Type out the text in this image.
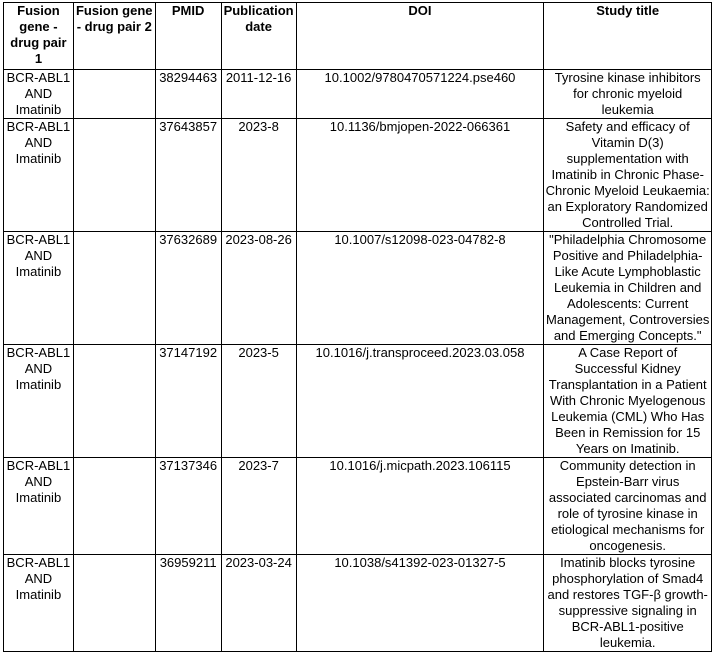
Fusion gene - drug pair 1	Fusion gene - drug pair 2	PMID	Publication date	DOI	Study title
BCR-ABL1 AND Imatinib		38294463	2011-12-16	10.1002/9780470571224.pse460	Tyrosine kinase inhibitors for chronic myeloid leukemia
BCR-ABL1 AND Imatinib		37643857	2023-8	10.1136/bmjopen-2022-066361	Safety and efficacy of Vitamin D(3) supplementation with Imatinib in Chronic Phase-Chronic Myeloid Leukaemia: an Exploratory Randomized Controlled Trial.
BCR-ABL1 AND Imatinib		37632689	2023-08-26	10.1007/s12098-023-04782-8	"Philadelphia Chromosome Positive and Philadelphia-Like Acute Lymphoblastic Leukemia in Children and Adolescents: Current Management, Controversies and Emerging Concepts."
BCR-ABL1 AND Imatinib		37147192	2023-5	10.1016/j.transproceed.2023.03.058	A Case Report of Successful Kidney Transplantation in a Patient With Chronic Myelogenous Leukemia (CML) Who Has Been in Remission for 15 Years on Imatinib.
BCR-ABL1 AND Imatinib		37137346	2023-7	10.1016/j.micpath.2023.106115	Community detection in Epstein-Barr virus associated carcinomas and role of tyrosine kinase in etiological mechanisms for oncogenesis.
BCR-ABL1 AND Imatinib		36959211	2023-03-24	10.1038/s41392-023-01327-5	Imatinib blocks tyrosine phosphorylation of Smad4 and restores TGF-β growth-suppressive signaling in BCR-ABL1-positive leukemia.
